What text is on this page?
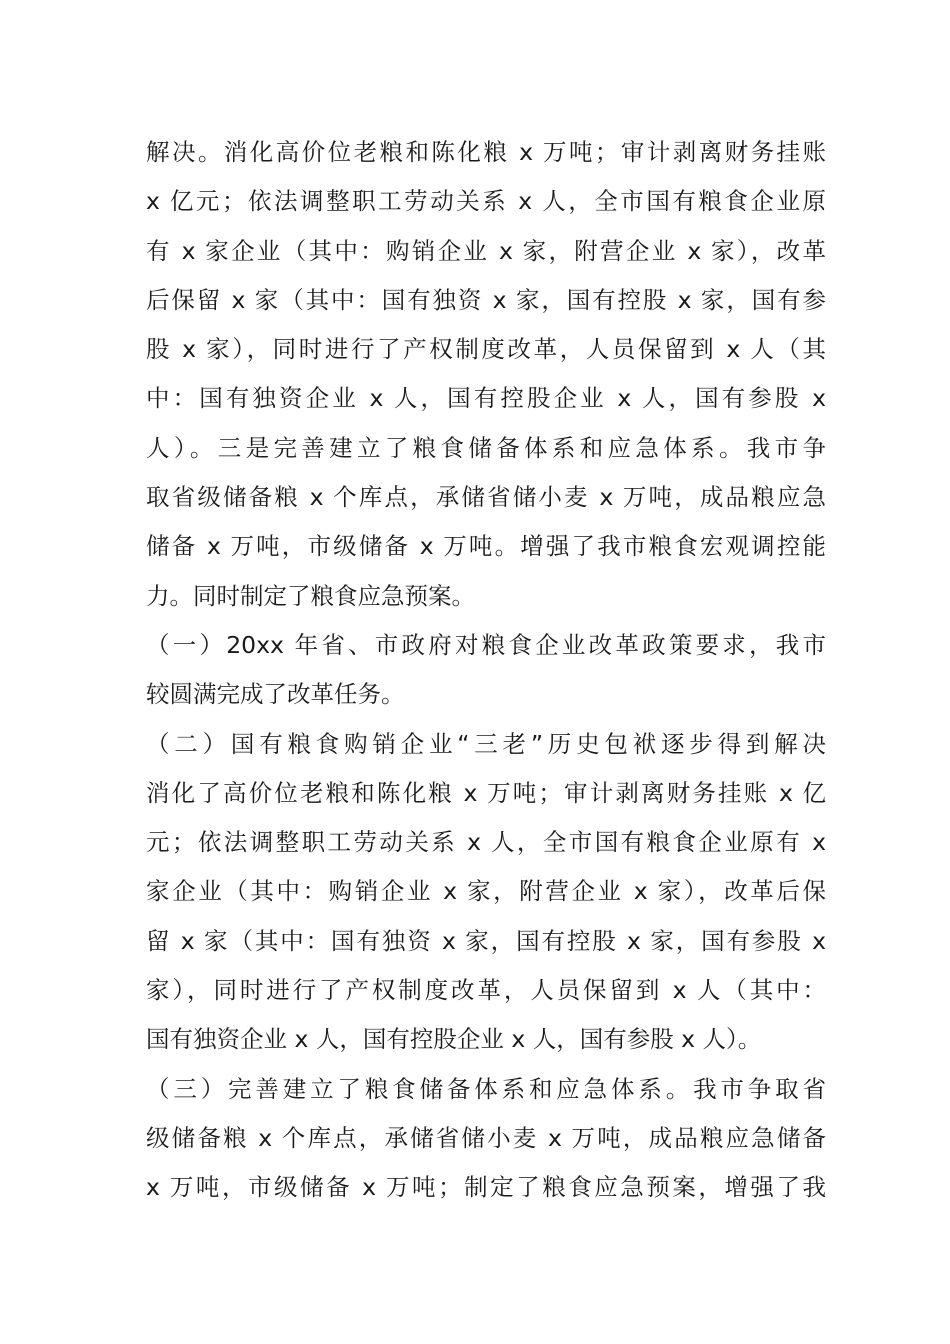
解决。消化高价位老粮和陈化粮 x 万吨；审计剥离财务挂账
x 亿元；依法调整职工劳动关系 x 人，全市国有粮食企业原
有 x 家企业（其中：购销企业 x 家，附营企业 x 家），改革
后保留 x 家（其中：国有独资 x 家，国有控股 x 家，国有参
股 x 家），同时进行了产权制度改革，人员保留到 x 人（其
中：国有独资企业 x 人，国有控股企业 x 人，国有参股 x
人）。三是完善建立了粮食储备体系和应急体系。我市争
取省级储备粮 x 个库点，承储省储小麦 x 万吨，成品粮应急
储备 x 万吨，市级储备 x 万吨。增强了我市粮食宏观调控能
力。同时制定了粮食应急预案。
（一）20xx 年省、市政府对粮食企业改革政策要求，我市
较圆满完成了改革任务。
（二）国有粮食购销企业“三老”历史包袱逐步得到解决
消化了高价位老粮和陈化粮 x 万吨；审计剥离财务挂账 x 亿
元；依法调整职工劳动关系 x 人，全市国有粮食企业原有 x
家企业（其中：购销企业 x 家，附营企业 x 家），改革后保
留 x 家（其中：国有独资 x 家，国有控股 x 家，国有参股 x
家），同时进行了产权制度改革，人员保留到 x 人（其中：
国有独资企业 x 人，国有控股企业 x 人，国有参股 x 人）。
（三）完善建立了粮食储备体系和应急体系。我市争取省
级储备粮 x 个库点，承储省储小麦 x 万吨，成品粮应急储备
x 万吨，市级储备 x 万吨；制定了粮食应急预案，增强了我
